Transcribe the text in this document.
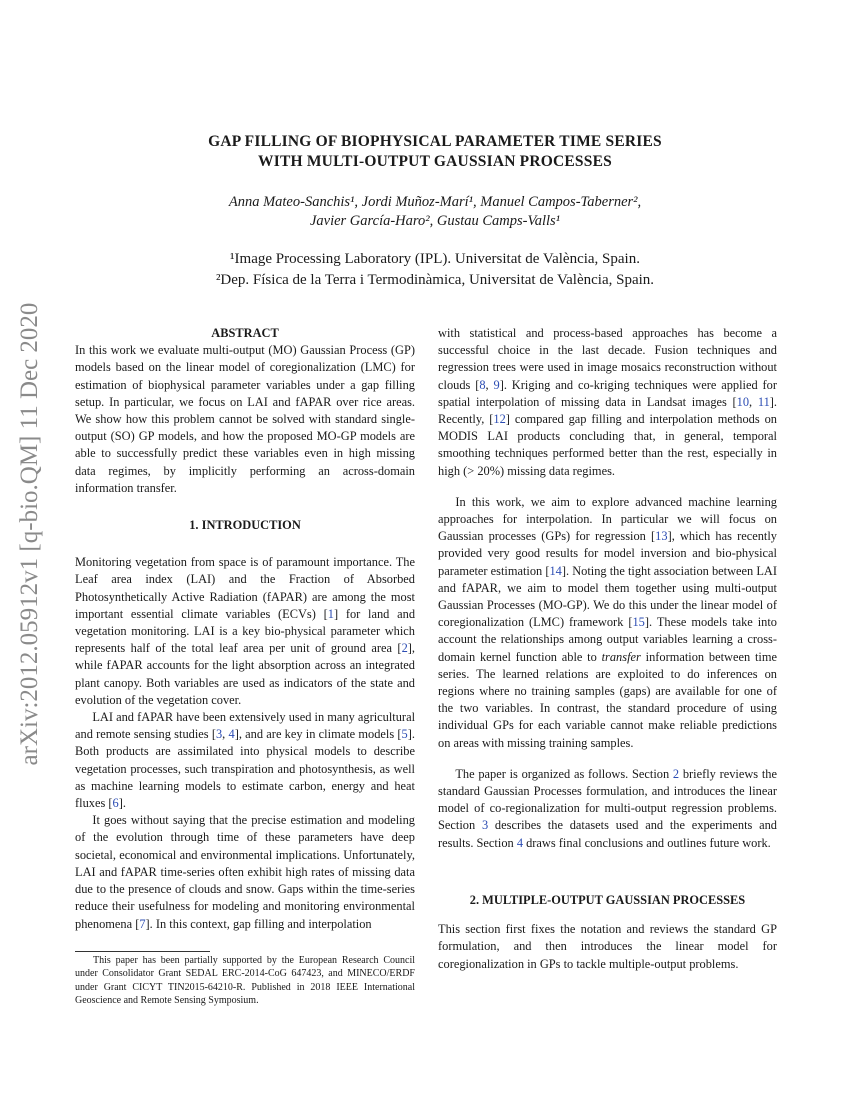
arXiv:2012.05912v1 [q-bio.QM] 11 Dec 2020
GAP FILLING OF BIOPHYSICAL PARAMETER TIME SERIES
WITH MULTI-OUTPUT GAUSSIAN PROCESSES
Anna Mateo-Sanchis¹, Jordi Muñoz-Marí¹, Manuel Campos-Taberner²,
Javier García-Haro², Gustau Camps-Valls¹
¹Image Processing Laboratory (IPL). Universitat de València, Spain.
²Dep. Física de la Terra i Termodinàmica, Universitat de València, Spain.
ABSTRACT

In this work we evaluate multi-output (MO) Gaussian Process (GP) models based on the linear model of coregionalization (LMC) for estimation of biophysical parameter variables under a gap filling setup. In particular, we focus on LAI and fAPAR over rice areas. We show how this problem cannot be solved with standard single-output (SO) GP models, and how the proposed MO-GP models are able to successfully predict these variables even in high missing data regimes, by implicitly performing an across-domain information transfer.

1. INTRODUCTION

Monitoring vegetation from space is of paramount importance. The Leaf area index (LAI) and the Fraction of Absorbed Photosynthetically Active Radiation (fAPAR) are among the most important essential climate variables (ECVs) [1] for land and vegetation monitoring. LAI is a key bio-physical parameter which represents half of the total leaf area per unit of ground area [2], while fAPAR accounts for the light absorption across an integrated plant canopy. Both variables are used as indicators of the state and evolution of the vegetation cover.

LAI and fAPAR have been extensively used in many agricultural and remote sensing studies [3, 4], and are key in climate models [5]. Both products are assimilated into physical models to describe vegetation processes, such transpiration and photosynthesis, as well as machine learning models to estimate carbon, energy and heat fluxes [6].

It goes without saying that the precise estimation and modeling of the evolution through time of these parameters have deep societal, economical and environmental implications. Unfortunately, LAI and fAPAR time-series often exhibit high rates of missing data due to the presence of clouds and snow. Gaps within the time-series reduce their usefulness for modeling and monitoring environmental phenomena [7]. In this context, gap filling and interpolation

This paper has been partially supported by the European Research Council under Consolidator Grant SEDAL ERC-2014-CoG 647423, and MINECO/ERDF under Grant CICYT TIN2015-64210-R. Published in 2018 IEEE International Geoscience and Remote Sensing Symposium.

with statistical and process-based approaches has become a successful choice in the last decade. Fusion techniques and regression trees were used in image mosaics reconstruction without clouds [8, 9]. Kriging and co-kriging techniques were applied for spatial interpolation of missing data in Landsat images [10, 11]. Recently, [12] compared gap filling and interpolation methods on MODIS LAI products concluding that, in general, temporal smoothing techniques performed better than the rest, especially in high (> 20%) missing data regimes.

In this work, we aim to explore advanced machine learning approaches for interpolation. In particular we will focus on Gaussian processes (GPs) for regression [13], which has recently provided very good results for model inversion and bio-physical parameter estimation [14]. Noting the tight association between LAI and fAPAR, we aim to model them together using multi-output Gaussian Processes (MO-GP). We do this under the linear model of coregionalization (LMC) framework [15]. These models take into account the relationships among output variables learning a cross-domain kernel function able to transfer information between time series. The learned relations are exploited to do inferences on regions where no training samples (gaps) are available for one of the two variables. In contrast, the standard procedure of using individual GPs for each variable cannot make reliable predictions on areas with missing training samples.

The paper is organized as follows. Section 2 briefly reviews the standard Gaussian Processes formulation, and introduces the linear model of co-regionalization for multi-output regression problems. Section 3 describes the datasets used and the experiments and results. Section 4 draws final conclusions and outlines future work.

2. MULTIPLE-OUTPUT GAUSSIAN PROCESSES

This section first fixes the notation and reviews the standard GP formulation, and then introduces the linear model for coregionalization in GPs to tackle multiple-output problems.
